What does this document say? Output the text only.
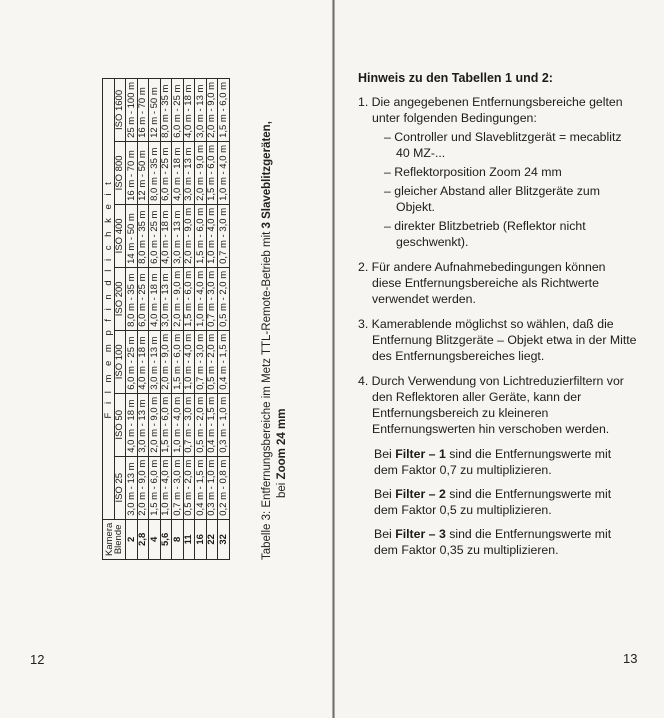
Kamera Blende	F i l m e m p f i n d l i c h k e i t						
	ISO 25	ISO 50	ISO 100	ISO 200	ISO 400	ISO 800	ISO 1600
2	3,0 m - 13 m	4,0 m - 18 m	6,0 m - 25 m	8,0 m - 35 m	14 m - 50 m	16 m - 70 m	25 m - 100 m
2,8	2,0 m - 9,0 m	3,0 m - 13 m	4,0 m - 18 m	6,0 m - 25 m	8,0 m - 35 m	12 m - 50 m	16 m - 70 m
4	1,5 m - 6,0 m	2,0 m - 9,0 m	3,0 m - 13 m	4,0 m - 18 m	6,0 m - 25 m	8,0 m - 35 m	12 m - 50 m
5,6	1,0 m - 4,0 m	1,5 m - 6,0 m	2,0 m - 9,0 m	3,0 m - 13 m	4,0 m - 18 m	6,0 m - 25 m	8,0 m - 35 m
8	0,7 m - 3,0 m	1,0 m - 4,0 m	1,5 m - 6,0 m	2,0 m - 9,0 m	3,0 m - 13 m	4,0 m - 18 m	6,0 m - 25 m
11	0,5 m - 2,0 m	0,7 m - 3,0 m	1,0 m - 4,0 m	1,5 m - 6,0 m	2,0 m - 9,0 m	3,0 m - 13 m	4,0 m - 18 m
16	0,4 m - 1,5 m	0,5 m - 2,0 m	0,7 m - 3,0 m	1,0 m - 4,0 m	1,5 m - 6,0 m	2,0 m - 9,0 m	3,0 m - 13 m
22	0,3 m - 1,0 m	0,4 m - 1,5 m	0,5 m - 2,0 m	0,7 m - 3,0 m	1,0 m - 4,0 m	1,5 m - 6,0 m	2,0 m - 9,0 m
32	0,2 m - 0,8 m	0,3 m - 1,0 m	0,4 m - 1,5 m	0,5 m - 2,0 m	0,7 m - 3,0 m	1,0 m - 4,0 m	1,5 m - 6,0 m
Tabelle 3: Entfernungsbereiche im Metz TTL-Remote-Betrieb mit 3 Slaveblitzgeräten,
bei Zoom 24 mm
12	13
Hinweis zu den Tabellen 1 und 2:
1. Die angegebenen Entfernungsbereiche gelten unter folgenden Bedingungen:
– Controller und Slaveblitzgerät = mecablitz 40 MZ-...
– Reflektorposition Zoom 24 mm
– gleicher Abstand aller Blitzgeräte zum Objekt.
– direkter Blitzbetrieb (Reflektor nicht geschwenkt).
2. Für andere Aufnahmebedingungen können diese Entfernungsbereiche als Richtwerte verwendet werden.
3. Kamerablende möglichst so wählen, daß die Entfernung Blitzgeräte – Objekt etwa in der Mitte des Entfernungsbereiches liegt.
4. Durch Verwendung von Lichtreduzierfiltern vor den Reflektoren aller Geräte, kann der Entfernungsbereich zu kleineren Entfernungswerten hin verschoben werden.
Bei Filter – 1 sind die Entfernungswerte mit dem Faktor 0,7 zu multiplizieren.
Bei Filter – 2 sind die Entfernungswerte mit dem Faktor 0,5 zu multiplizieren.
Bei Filter – 3 sind die Entfernungswerte mit dem Faktor 0,35 zu multiplizieren.
